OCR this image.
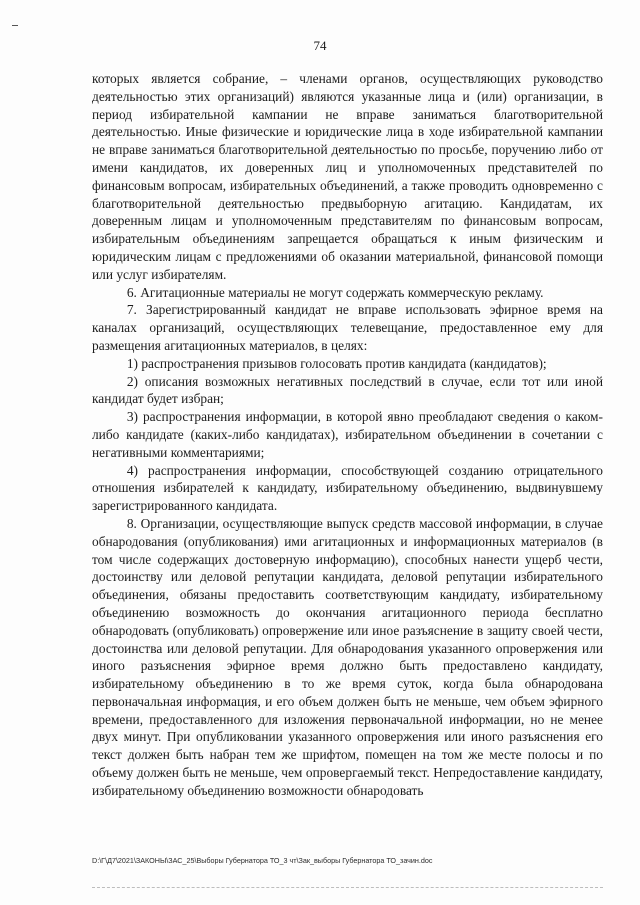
74

которых является собрание, – членами органов, осуществляющих руководство деятельностью этих организаций) являются указанные лица и (или) организации, в период избирательной кампании не вправе заниматься благотворительной деятельностью. Иные физические и юридические лица в ходе избирательной кампании не вправе заниматься благотворительной деятельностью по просьбе, поручению либо от имени кандидатов, их доверенных лиц и уполномоченных представителей по финансовым вопросам, избирательных объединений, а также проводить одновременно с благотворительной деятельностью предвыборную агитацию. Кандидатам, их доверенным лицам и уполномоченным представителям по финансовым вопросам, избирательным объединениям запрещается обращаться к иным физическим и юридическим лицам с предложениями об оказании материальной, финансовой помощи или услуг избирателям.

6. Агитационные материалы не могут содержать коммерческую рекламу.

7. Зарегистрированный кандидат не вправе использовать эфирное время на каналах организаций, осуществляющих телевещание, предоставленное ему для размещения агитационных материалов, в целях:

1) распространения призывов голосовать против кандидата (кандидатов);

2) описания возможных негативных последствий в случае, если тот или иной кандидат будет избран;

3) распространения информации, в которой явно преобладают сведения о каком-либо кандидате (каких-либо кандидатах), избирательном объединении в сочетании с негативными комментариями;

4) распространения информации, способствующей созданию отрицательного отношения избирателей к кандидату, избирательному объединению, выдвинувшему зарегистрированного кандидата.

8. Организации, осуществляющие выпуск средств массовой информации, в случае обнародования (опубликования) ими агитационных и информационных материалов (в том числе содержащих достоверную информацию), способных нанести ущерб чести, достоинству или деловой репутации кандидата, деловой репутации избирательного объединения, обязаны предоставить соответствующим кандидату, избирательному объединению возможность до окончания агитационного периода бесплатно обнародовать (опубликовать) опровержение или иное разъяснение в защиту своей чести, достоинства или деловой репутации. Для обнародования указанного опровержения или иного разъяснения эфирное время должно быть предоставлено кандидату, избирательному объединению в то же время суток, когда была обнародована первоначальная информация, и его объем должен быть не меньше, чем объем эфирного времени, предоставленного для изложения первоначальной информации, но не менее двух минут. При опубликовании указанного опровержения или иного разъяснения его текст должен быть набран тем же шрифтом, помещен на том же месте полосы и по объему должен быть не меньше, чем опровергаемый текст. Непредоставление кандидату, избирательному объединению возможности обнародовать

D:\Г\Д7\2021\ЗАКОНЫ\ЗАС_25\Выборы Губернатора ТО_3 чт\Зак_выборы Губернатора ТО_зачин.doc
